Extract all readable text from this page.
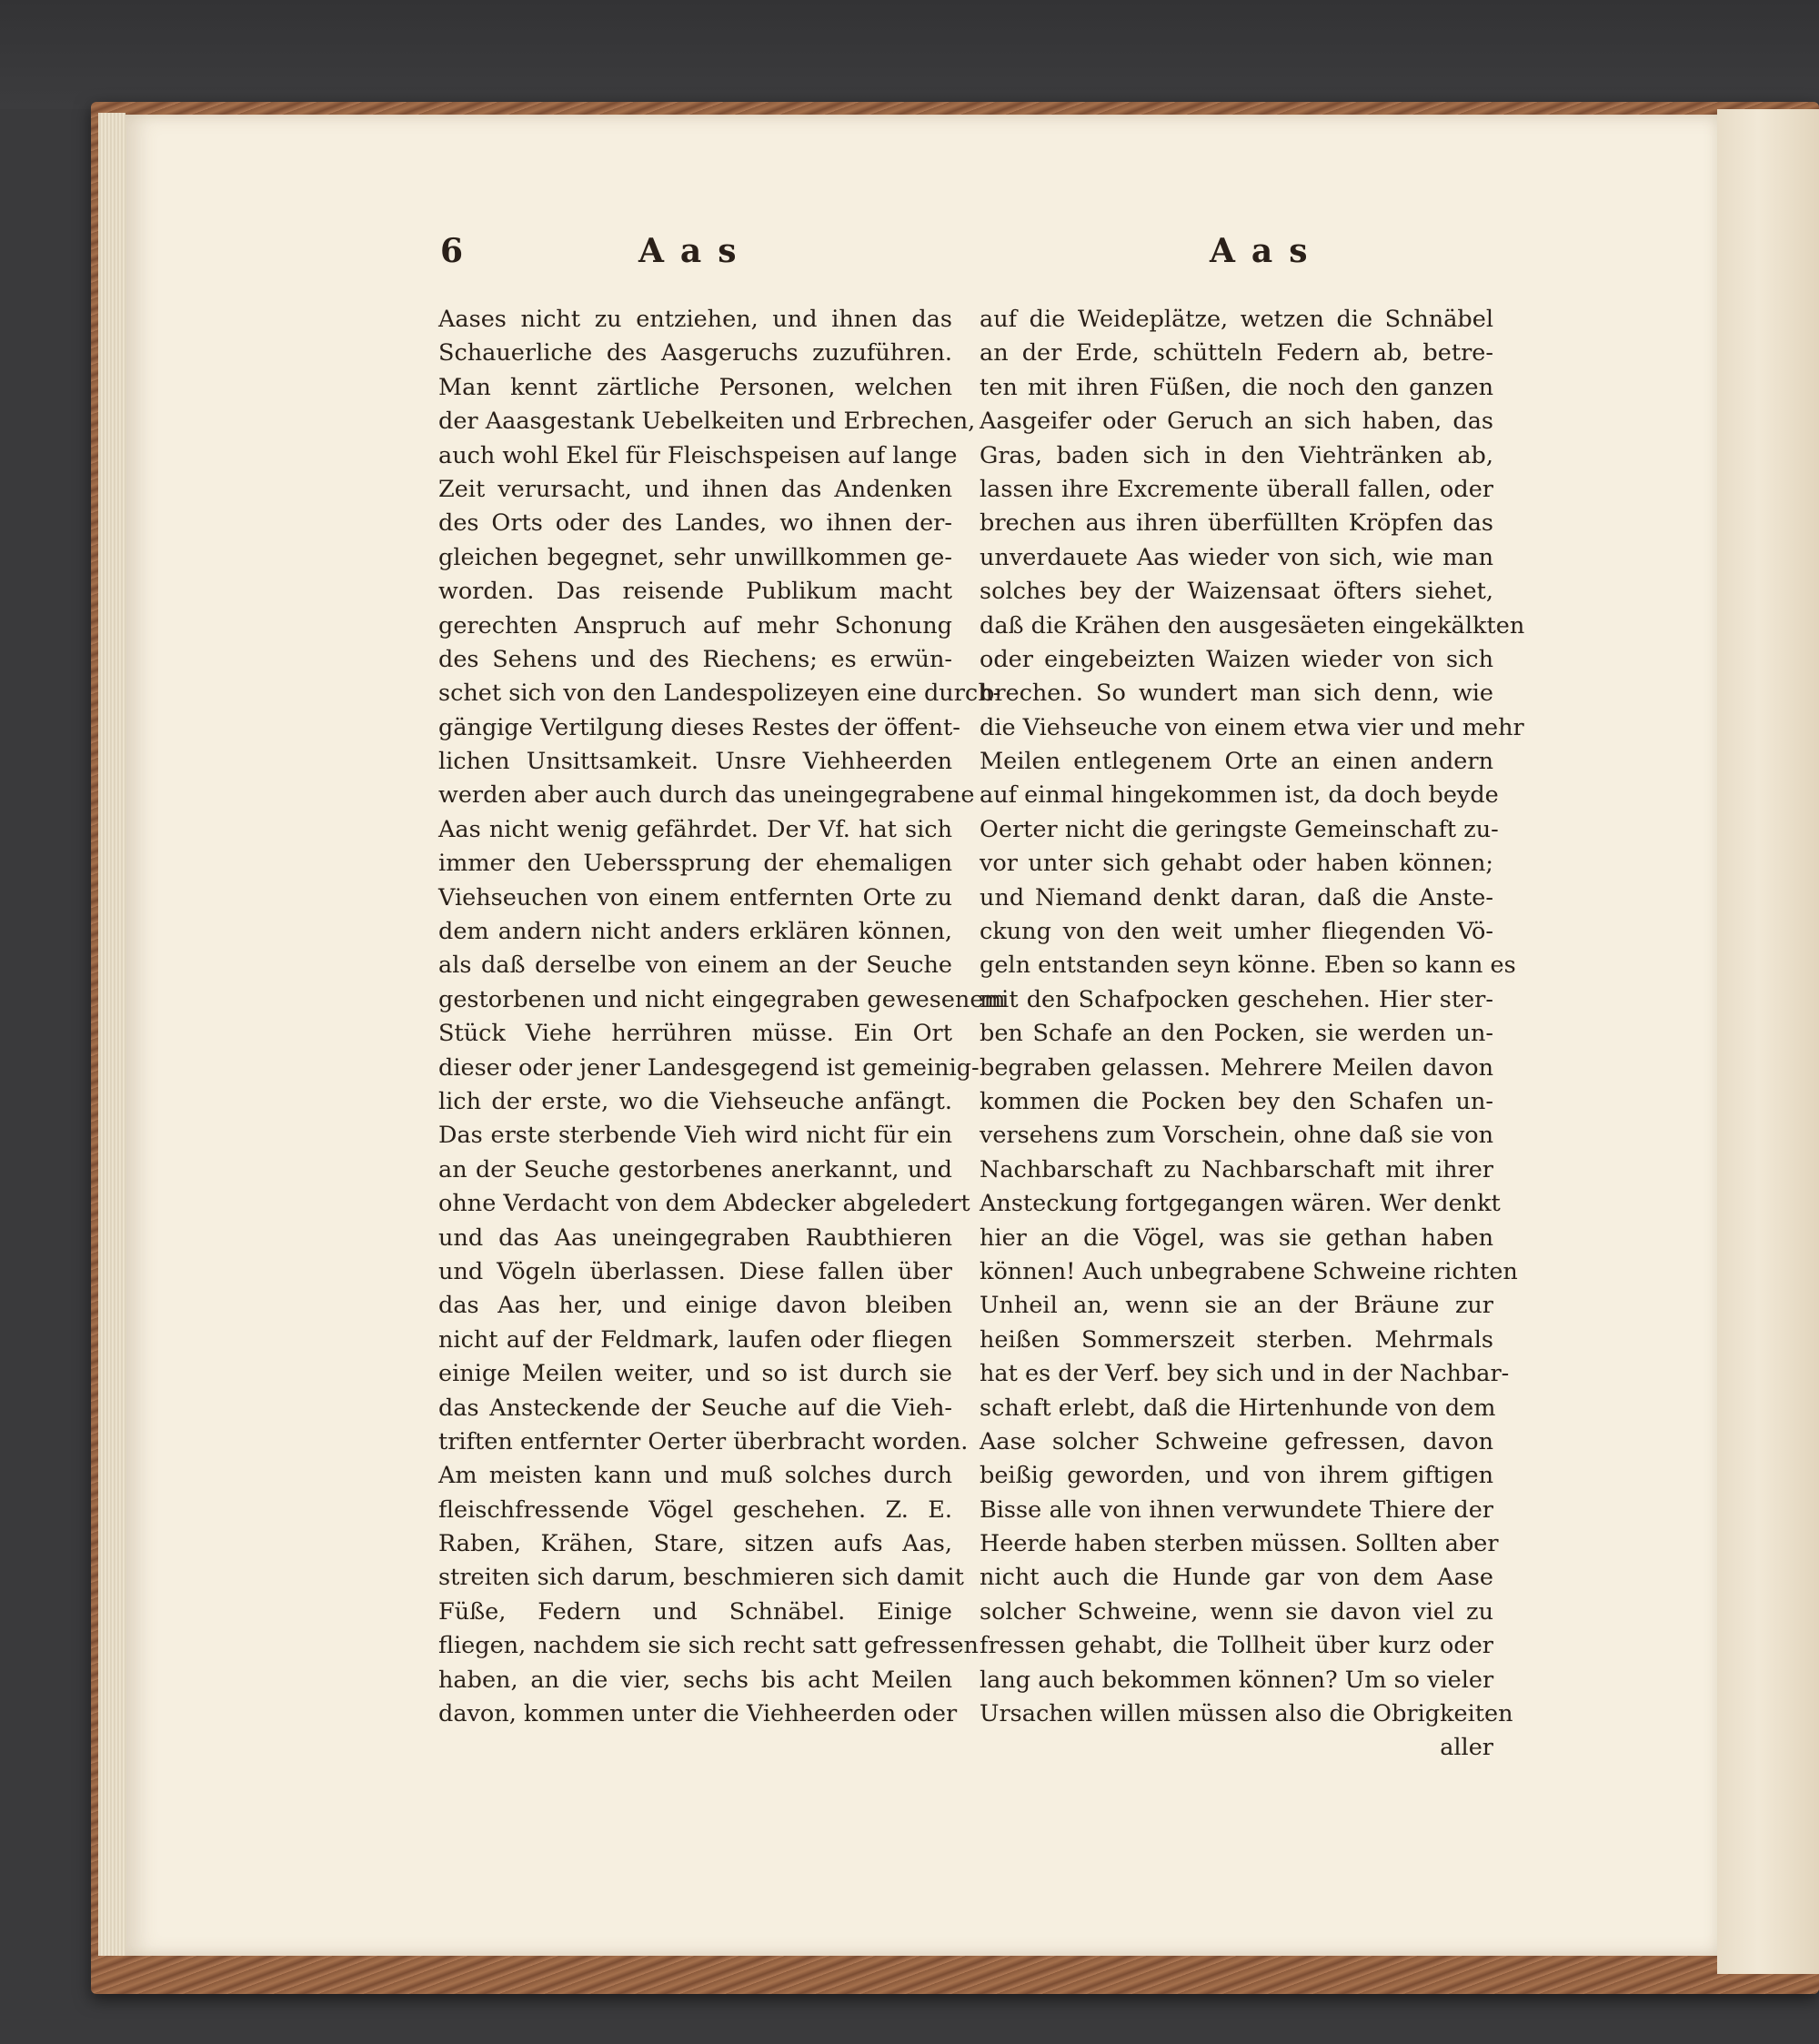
6	Aas	Aas
Aases nicht zu entziehen, und ihnen das
Schauerliche des Aasgeruchs zuzuführen.
Man kennt zärtliche Personen, welchen
der Aaasgestank Uebelkeiten und Erbrechen,
auch wohl Ekel für Fleischspeisen auf lange
Zeit verursacht, und ihnen das Andenken
des Orts oder des Landes, wo ihnen der-
gleichen begegnet, sehr unwillkommen ge-
worden. Das reisende Publikum macht
gerechten Anspruch auf mehr Schonung
des Sehens und des Riechens; es erwün-
schet sich von den Landespolizeyen eine durch-
gängige Vertilgung dieses Restes der öffent-
lichen Unsittsamkeit. Unsre Viehheerden
werden aber auch durch das uneingegrabene
Aas nicht wenig gefährdet. Der Vf. hat sich
immer den Ueberssprung der ehemaligen
Viehseuchen von einem entfernten Orte zu
dem andern nicht anders erklären können,
als daß derselbe von einem an der Seuche
gestorbenen und nicht eingegraben gewesenem
Stück Viehe herrühren müsse. Ein Ort
dieser oder jener Landesgegend ist gemeinig-
lich der erste, wo die Viehseuche anfängt.
Das erste sterbende Vieh wird nicht für ein
an der Seuche gestorbenes anerkannt, und
ohne Verdacht von dem Abdecker abgeledert
und das Aas uneingegraben Raubthieren
und Vögeln überlassen. Diese fallen über
das Aas her, und einige davon bleiben
nicht auf der Feldmark, laufen oder fliegen
einige Meilen weiter, und so ist durch sie
das Ansteckende der Seuche auf die Vieh-
triften entfernter Oerter überbracht worden.
Am meisten kann und muß solches durch
fleischfressende Vögel geschehen. Z. E.
Raben, Krähen, Stare, sitzen aufs Aas,
streiten sich darum, beschmieren sich damit
Füße, Federn und Schnäbel. Einige
fliegen, nachdem sie sich recht satt gefressen
haben, an die vier, sechs bis acht Meilen
davon, kommen unter die Viehheerden oder
auf die Weideplätze, wetzen die Schnäbel
an der Erde, schütteln Federn ab, betre-
ten mit ihren Füßen, die noch den ganzen
Aasgeifer oder Geruch an sich haben, das
Gras, baden sich in den Viehtränken ab,
lassen ihre Excremente überall fallen, oder
brechen aus ihren überfüllten Kröpfen das
unverdauete Aas wieder von sich, wie man
solches bey der Waizensaat öfters siehet,
daß die Krähen den ausgesäeten eingekälkten
oder eingebeizten Waizen wieder von sich
brechen. So wundert man sich denn, wie
die Viehseuche von einem etwa vier und mehr
Meilen entlegenem Orte an einen andern
auf einmal hingekommen ist, da doch beyde
Oerter nicht die geringste Gemeinschaft zu-
vor unter sich gehabt oder haben können;
und Niemand denkt daran, daß die Anste-
ckung von den weit umher fliegenden Vö-
geln entstanden seyn könne. Eben so kann es
mit den Schafpocken geschehen. Hier ster-
ben Schafe an den Pocken, sie werden un-
begraben gelassen. Mehrere Meilen davon
kommen die Pocken bey den Schafen un-
versehens zum Vorschein, ohne daß sie von
Nachbarschaft zu Nachbarschaft mit ihrer
Ansteckung fortgegangen wären. Wer denkt
hier an die Vögel, was sie gethan haben
können! Auch unbegrabene Schweine richten
Unheil an, wenn sie an der Bräune zur
heißen Sommerszeit sterben. Mehrmals
hat es der Verf. bey sich und in der Nachbar-
schaft erlebt, daß die Hirtenhunde von dem
Aase solcher Schweine gefressen, davon
beißig geworden, und von ihrem giftigen
Bisse alle von ihnen verwundete Thiere der
Heerde haben sterben müssen. Sollten aber
nicht auch die Hunde gar von dem Aase
solcher Schweine, wenn sie davon viel zu
fressen gehabt, die Tollheit über kurz oder
lang auch bekommen können? Um so vieler
Ursachen willen müssen also die Obrigkeiten
aller
